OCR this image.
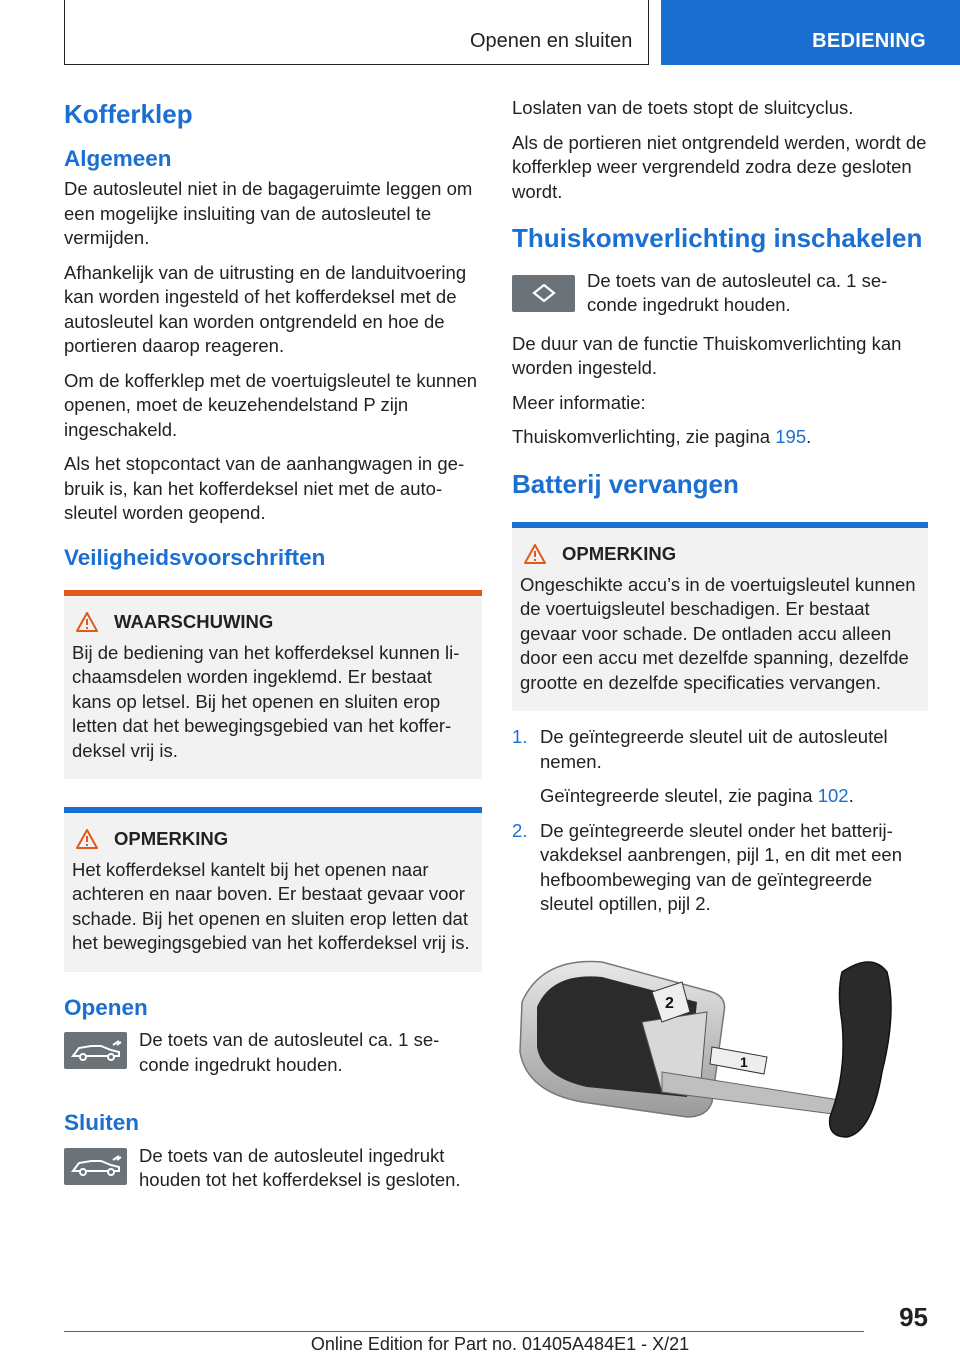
Openen en sluiten	BEDIENING
Kofferklep
Algemeen

De autosleutel niet in de bagageruimte leggen om een mogelijke insluiting van de autosleutel te vermijden.

Afhankelijk van de uitrusting en de landuitvoering kan worden ingesteld of het kofferdeksel met de autosleutel kan worden ontgrendeld en hoe de portieren daarop reageren.

Om de kofferklep met de voertuigsleutel te kunnen openen, moet de keuzehendelstand P zijn ingeschakeld.

Als het stopcontact van de aanhangwagen in gebruik is, kan het kofferdeksel niet met de autosleutel worden geopend.

Veiligheidsvoorschriften
WAARSCHUWING
Bij de bediening van het kofferdeksel kunnen lichaamsdelen worden ingeklemd. Er bestaat kans op letsel. Bij het openen en sluiten erop letten dat het bewegingsgebied van het kofferdeksel vrij is.
OPMERKING
Het kofferdeksel kantelt bij het openen naar achteren en naar boven. Er bestaat gevaar voor schade. Bij het openen en sluiten erop letten dat het bewegingsgebied van het kofferdeksel vrij is.
Openen
De toets van de autosleutel ca. 1 seconde ingedrukt houden.
Sluiten
De toets van de autosleutel ingedrukt houden tot het kofferdeksel is gesloten.

Loslaten van de toets stopt de sluitcyclus.

Als de portieren niet ontgrendeld werden, wordt de kofferklep weer vergrendeld zodra deze gesloten wordt.

Thuiskomverlichting inschakelen
De toets van de autosleutel ca. 1 seconde ingedrukt houden.

De duur van de functie Thuiskomverlichting kan worden ingesteld.

Meer informatie:

Thuiskomverlichting, zie pagina 195.

Batterij vervangen
OPMERKING
Ongeschikte accu’s in de voertuigsleutel kunnen de voertuigsleutel beschadigen. Er bestaat gevaar voor schade. De ontladen accu alleen door een accu met dezelfde spanning, dezelfde grootte en dezelfde specificaties vervangen.
1. De geïntegreerde sleutel uit de autosleutel nemen.

Geïntegreerde sleutel, zie pagina 102.

2. De geïntegreerde sleutel onder het batterijvakdeksel aanbrengen, pijl 1, en dit met een hefboombeweging van de geïntegreerde sleutel optillen, pijl 2.

2
1
95
Online Edition for Part no. 01405A484E1 - X/21
